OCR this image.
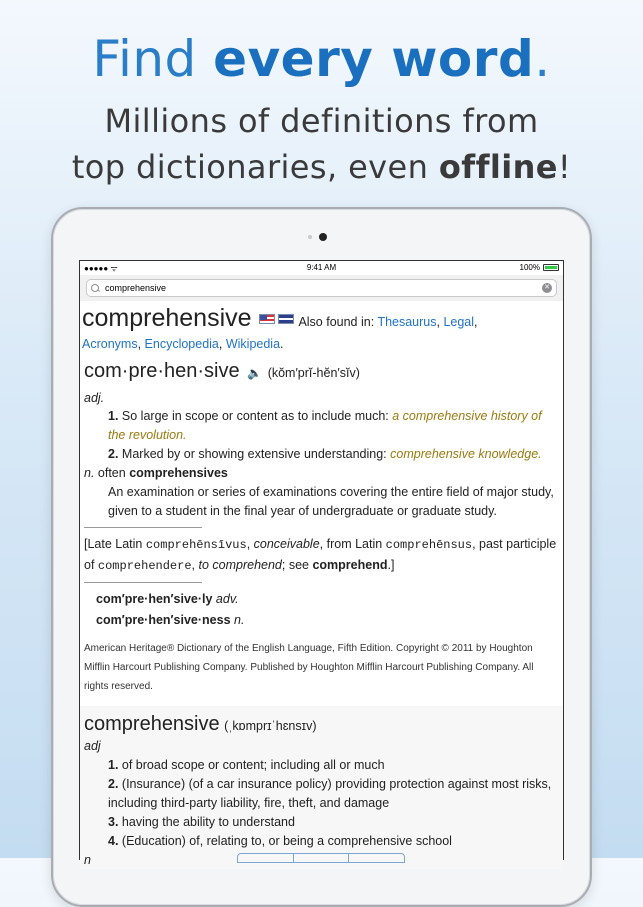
Find every word.
Millions of definitions from
top dictionaries, even offline!
●●●●● ᯤ	9:41 AM	100%
comprehensive
✕
comprehensive	Also found in: Thesaurus, Legal,
Acronyms, Encyclopedia, Wikipedia.
com·pre·hen·sive 🔈 (kŏm′prĭ-hĕn′sĭv)
adj.
1. So large in scope or content as to include much: a comprehensive history of the revolution.
2. Marked by or showing extensive understanding: comprehensive knowledge.
n. often comprehensives
An examination or series of examinations covering the entire field of major study, given to a student in the final year of undergraduate or graduate study.
[Late Latin comprehēnsīvus, conceivable, from Latin comprehēnsus, past participle of comprehendere, to comprehend; see comprehend.]
com′pre·hen′sive·ly adv.
com′pre·hen′sive·ness n.
American Heritage® Dictionary of the English Language, Fifth Edition. Copyright © 2011 by Houghton Mifflin Harcourt Publishing Company. Published by Houghton Mifflin Harcourt Publishing Company. All rights reserved.
comprehensive (ˌkɒmprɪˈhɛnsɪv)
adj
1. of broad scope or content; including all or much
2. (Insurance) (of a car insurance policy) providing protection against most risks, including third-party liability, fire, theft, and damage
3. having the ability to understand
4. (Education) of, relating to, or being a comprehensive school
n
